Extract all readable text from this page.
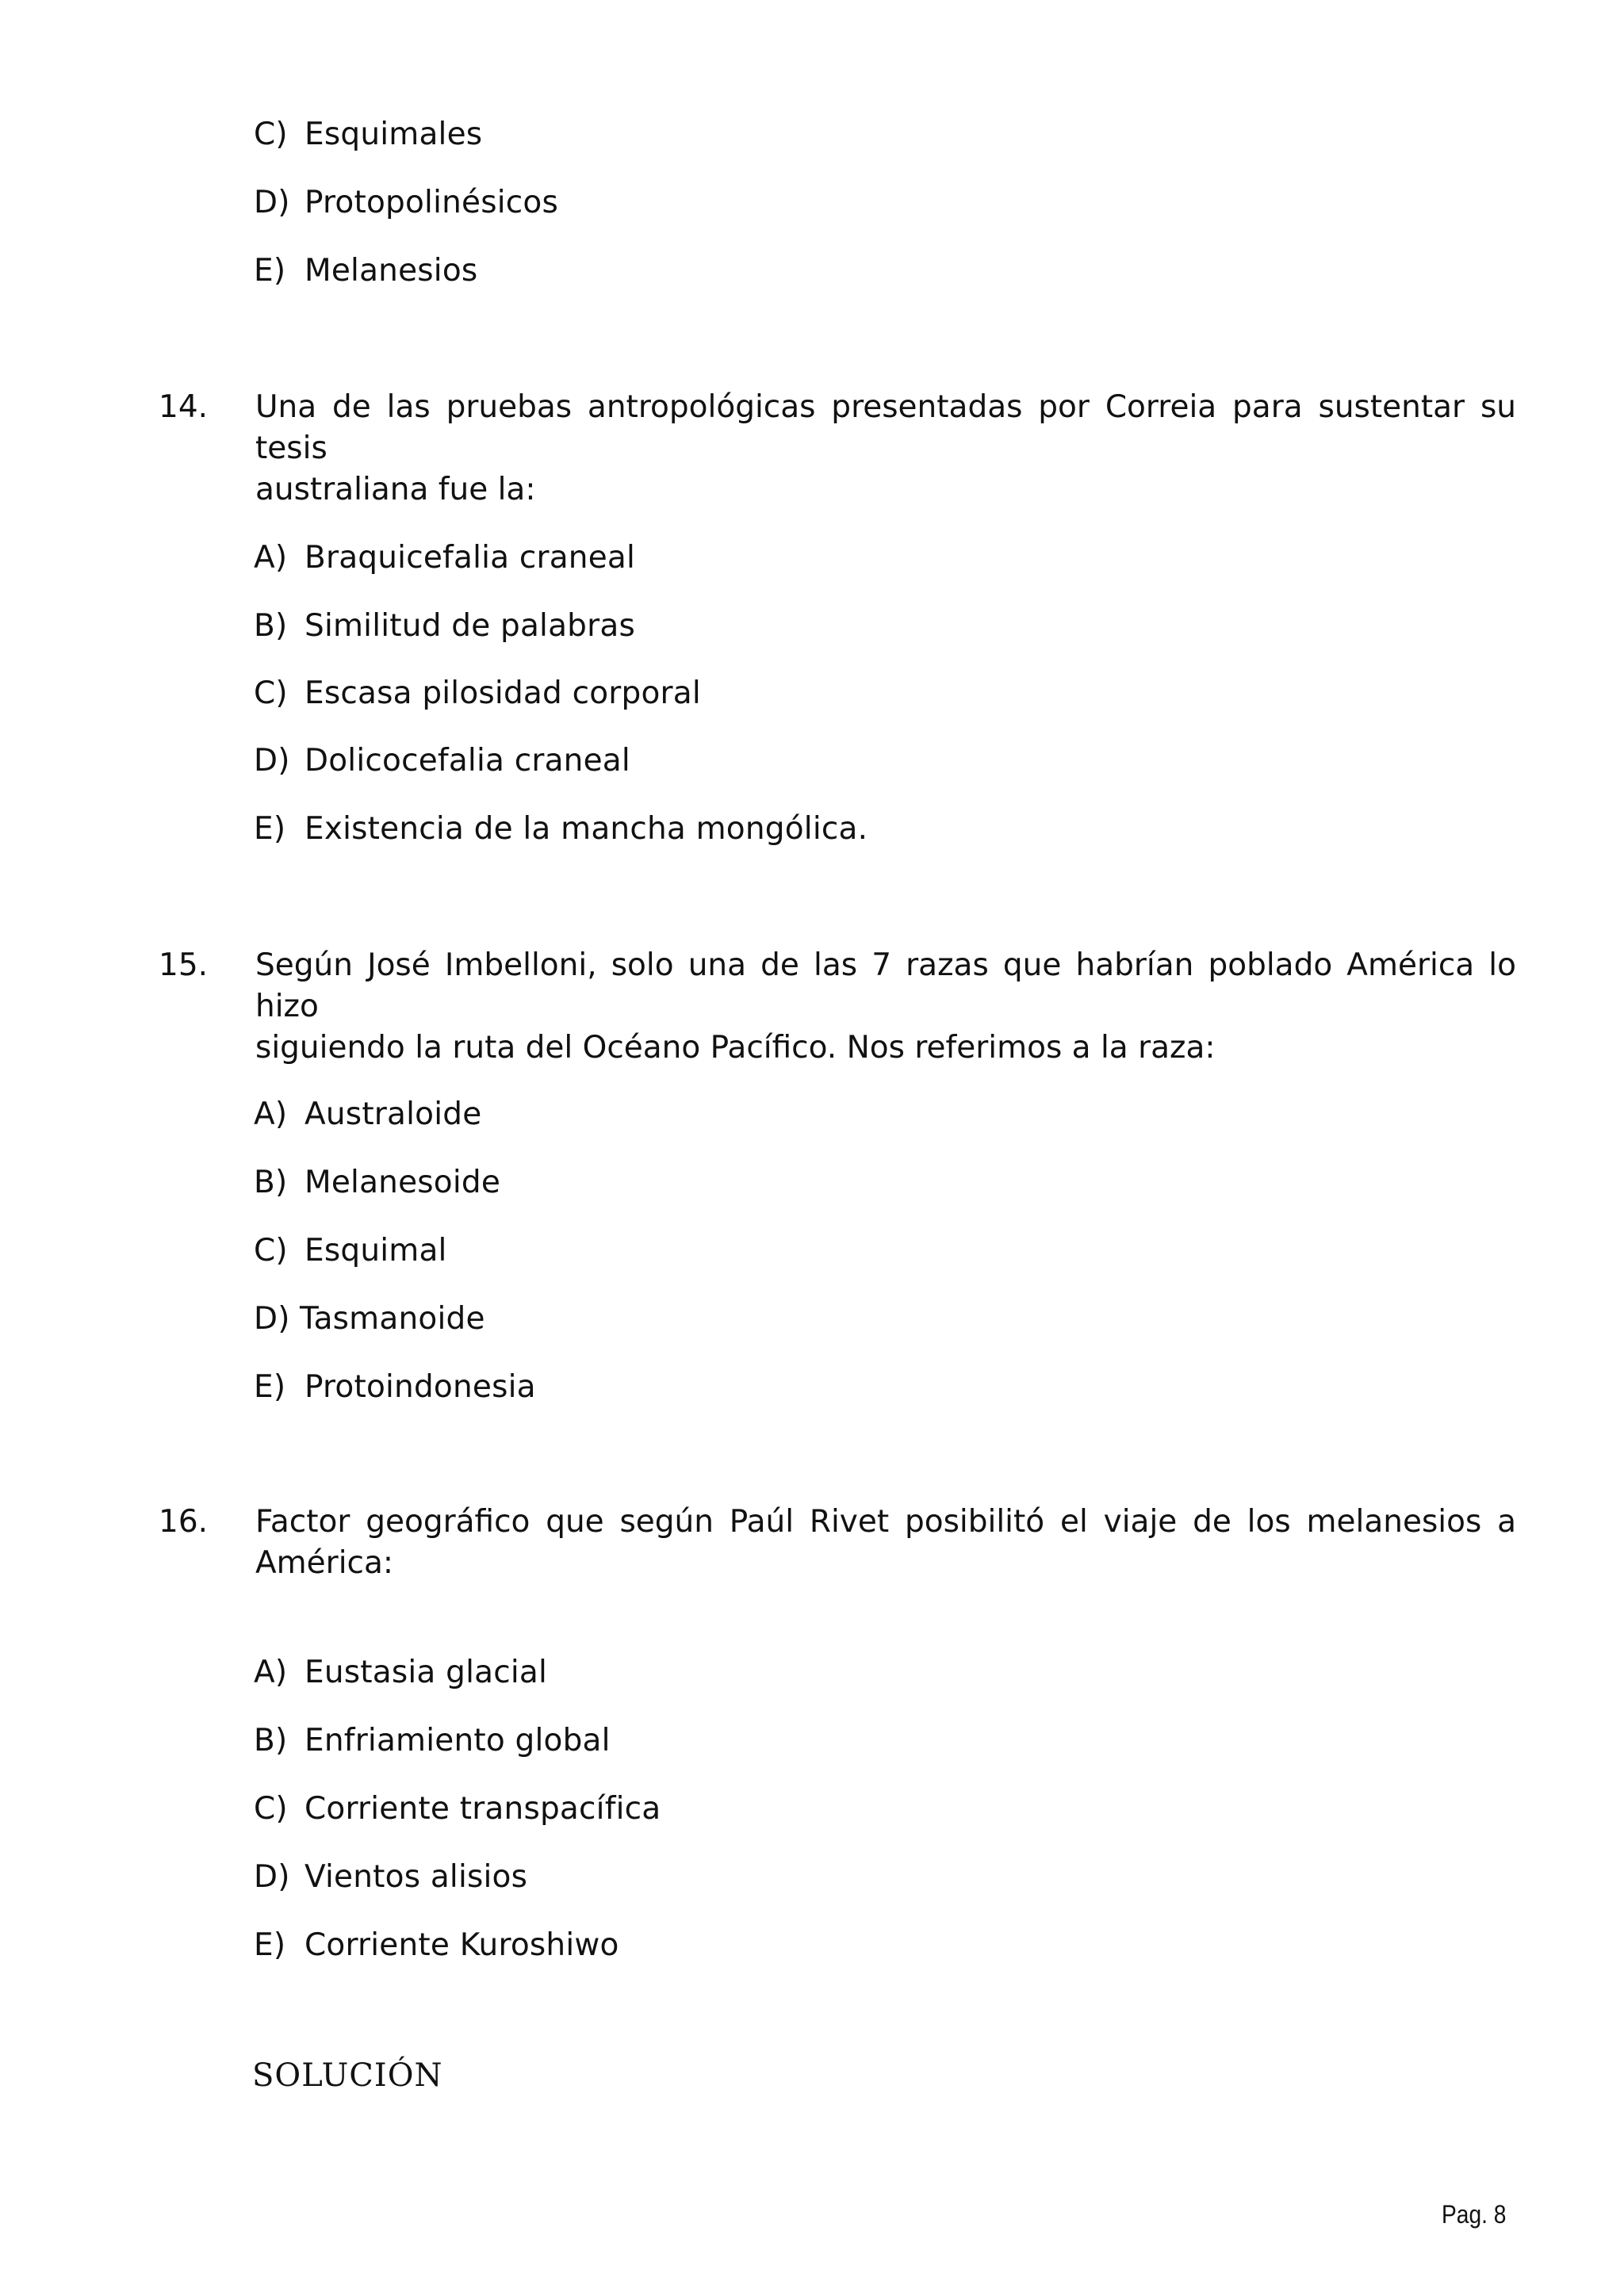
C) Esquimales
D) Protopolinésicos
E) Melanesios
14. Una de las pruebas antropológicas presentadas por Correia para sustentar su tesis
australiana fue la:
A) Braquicefalia craneal
B) Similitud de palabras
C) Escasa pilosidad corporal
D) Dolicocefalia craneal
E) Existencia de la mancha mongólica.
15. Según José Imbelloni, solo una de las 7 razas que habrían poblado América lo hizo
siguiendo la ruta del Océano Pacífico. Nos referimos a la raza:
A) Australoide
B) Melanesoide
C) Esquimal
D) Tasmanoide
E) Protoindonesia
16. Factor geográfico que según Paúl Rivet posibilitó el viaje de los melanesios a
América:
A) Eustasia glacial
B) Enfriamiento global
C) Corriente transpacífica
D) Vientos alisios
E) Corriente Kuroshiwo
SOLUCIÓN
Pag. 8
